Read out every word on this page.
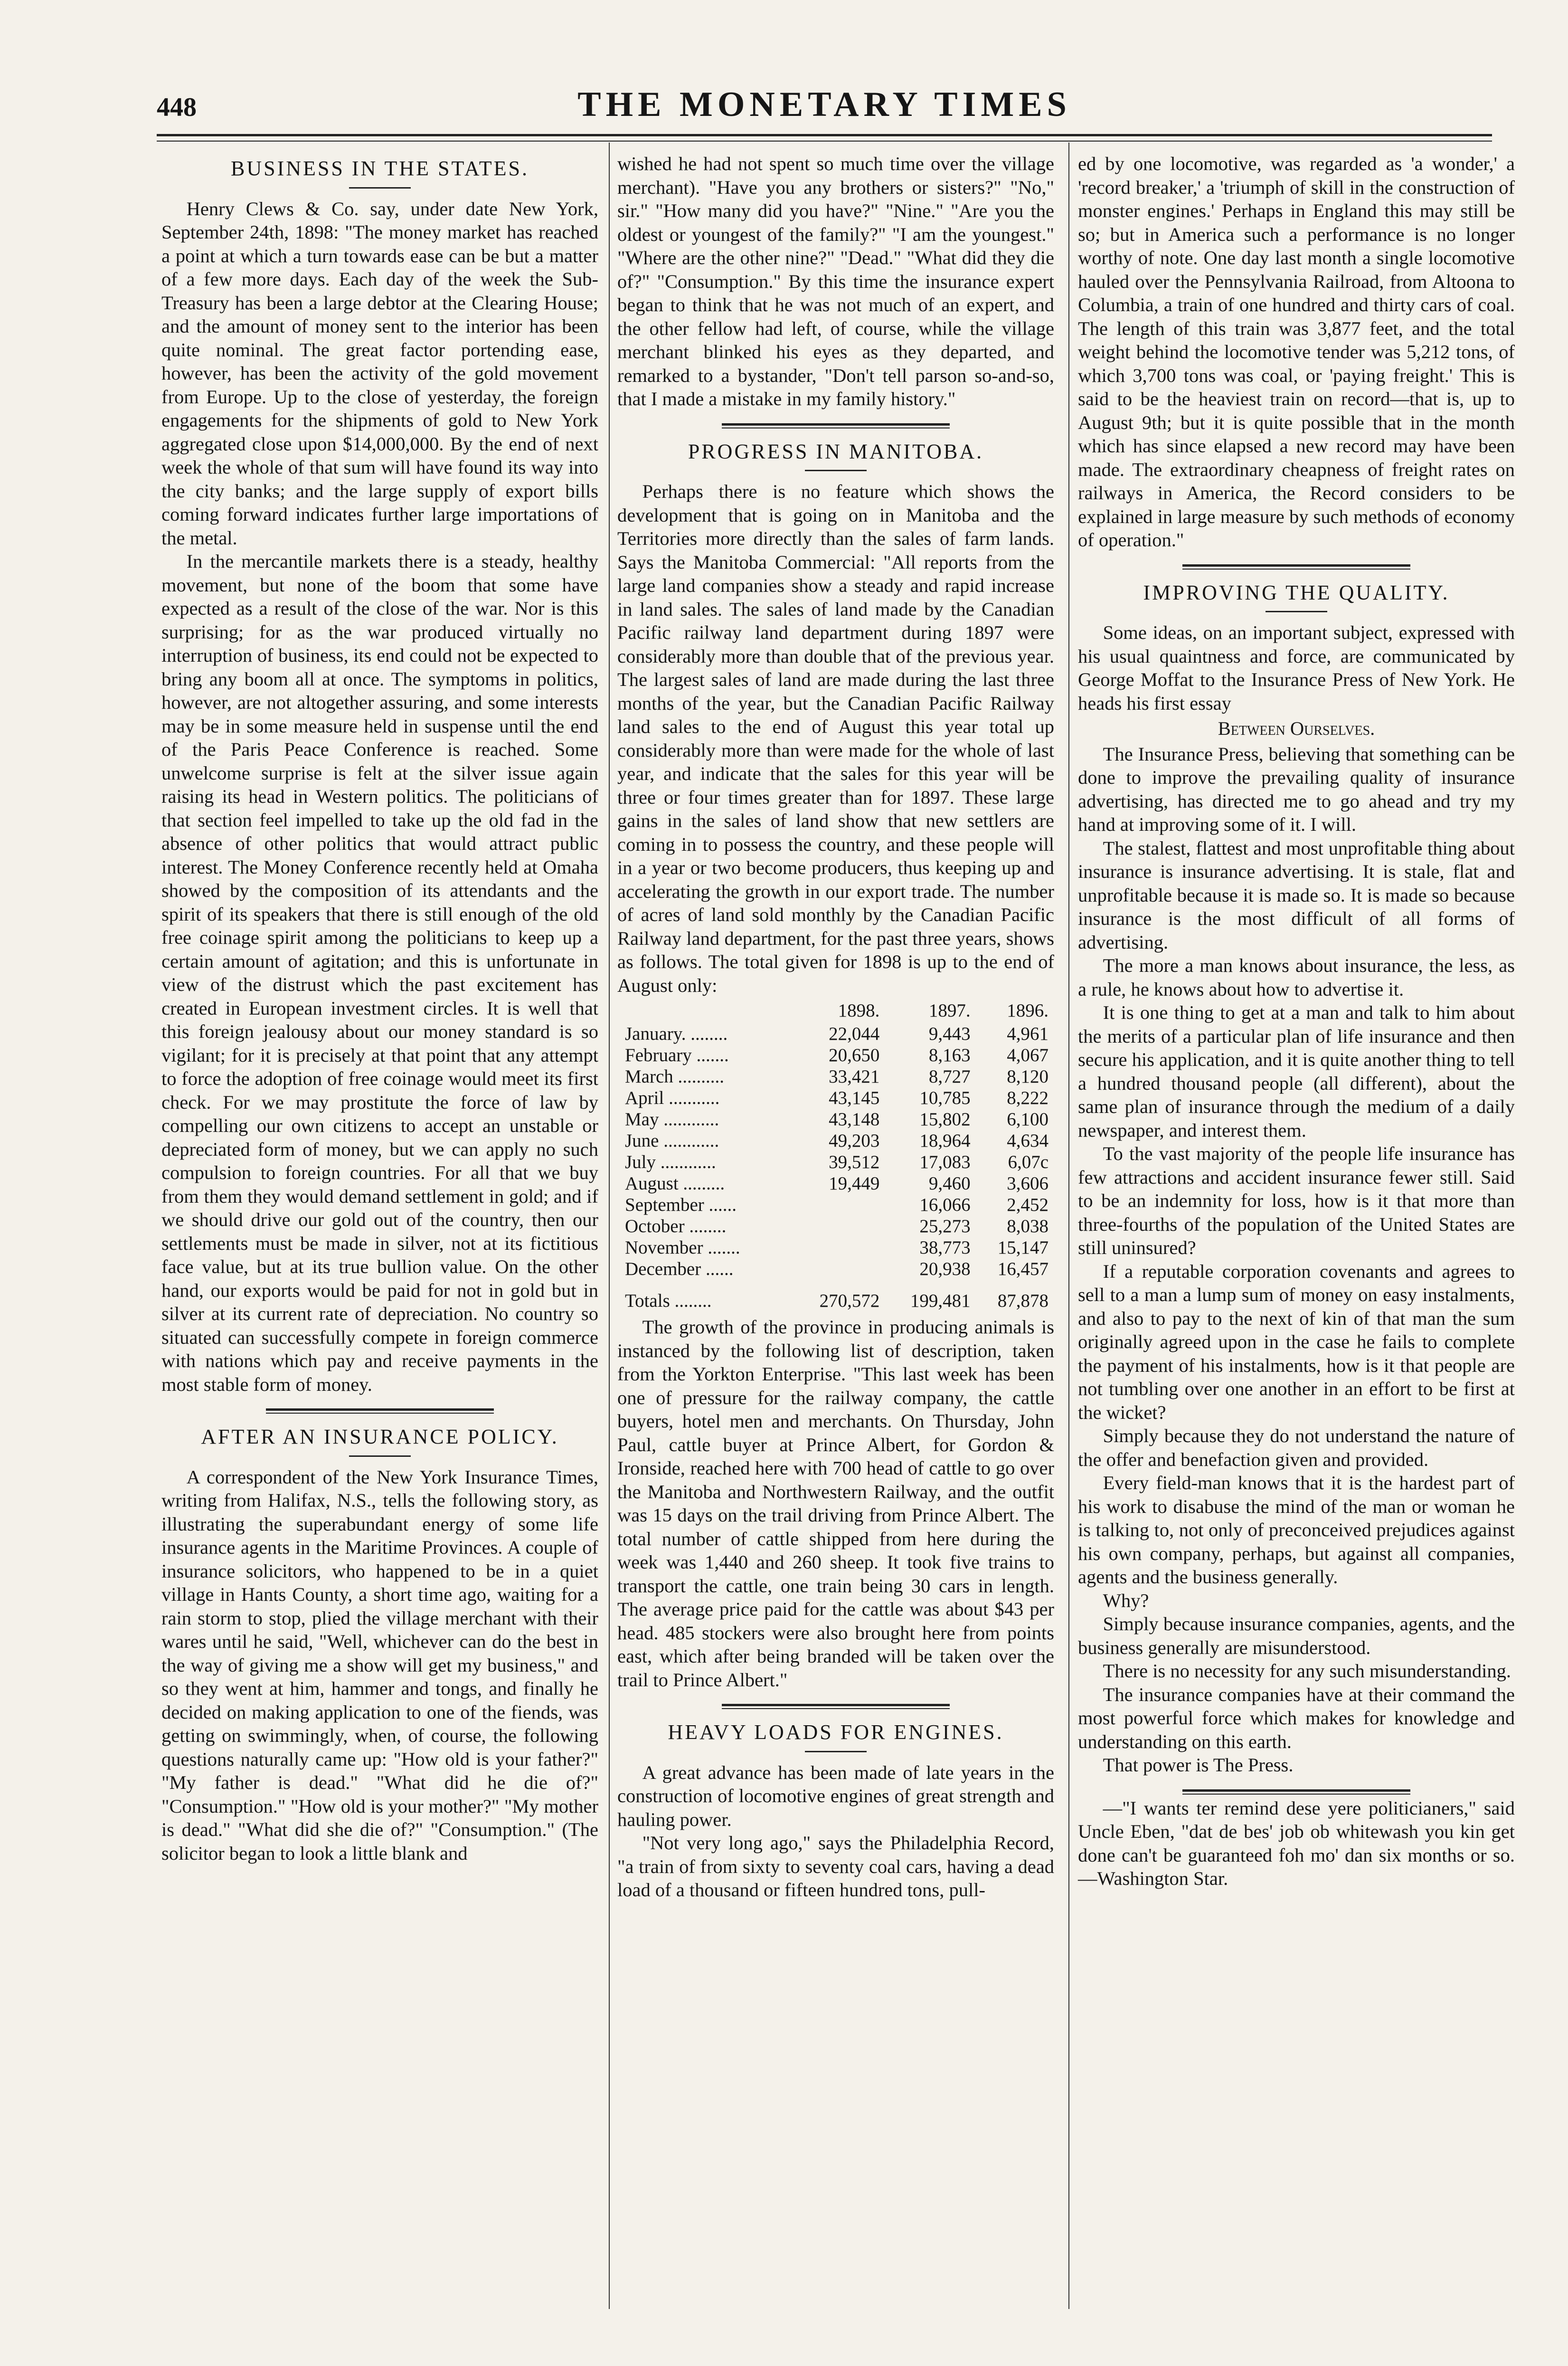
448	THE MONETARY TIMES
BUSINESS IN THE STATES.

Henry Clews & Co. say, under date New York, September 24th, 1898: "The money market has reached a point at which a turn towards ease can be but a matter of a few more days. Each day of the week the Sub-Treasury has been a large debtor at the Clearing House; and the amount of money sent to the interior has been quite nominal. The great factor portending ease, however, has been the activity of the gold movement from Europe. Up to the close of yesterday, the foreign engagements for the shipments of gold to New York aggregated close upon $14,000,000. By the end of next week the whole of that sum will have found its way into the city banks; and the large supply of export bills coming forward indicates further large importations of the metal.

In the mercantile markets there is a steady, healthy movement, but none of the boom that some have expected as a result of the close of the war. Nor is this surprising; for as the war produced virtually no interruption of business, its end could not be expected to bring any boom all at once. The symptoms in politics, however, are not altogether assuring, and some interests may be in some measure held in suspense until the end of the Paris Peace Conference is reached. Some unwelcome surprise is felt at the silver issue again raising its head in Western politics. The politicians of that section feel impelled to take up the old fad in the absence of other politics that would attract public interest. The Money Conference recently held at Omaha showed by the composition of its attendants and the spirit of its speakers that there is still enough of the old free coinage spirit among the politicians to keep up a certain amount of agitation; and this is unfortunate in view of the distrust which the past excitement has created in European investment circles. It is well that this foreign jealousy about our money standard is so vigilant; for it is precisely at that point that any attempt to force the adoption of free coinage would meet its first check. For we may prostitute the force of law by compelling our own citizens to accept an unstable or depreciated form of money, but we can apply no such compulsion to foreign countries. For all that we buy from them they would demand settlement in gold; and if we should drive our gold out of the country, then our settlements must be made in silver, not at its fictitious face value, but at its true bullion value. On the other hand, our exports would be paid for not in gold but in silver at its current rate of depreciation. No country so situated can successfully compete in foreign commerce with nations which pay and receive payments in the most stable form of money.

AFTER AN INSURANCE POLICY.

A correspondent of the New York Insurance Times, writing from Halifax, N.S., tells the following story, as illustrating the superabundant energy of some life insurance agents in the Maritime Provinces. A couple of insurance solicitors, who happened to be in a quiet village in Hants County, a short time ago, waiting for a rain storm to stop, plied the village merchant with their wares until he said, "Well, whichever can do the best in the way of giving me a show will get my business," and so they went at him, hammer and tongs, and finally he decided on making application to one of the fiends, was getting on swimmingly, when, of course, the following questions naturally came up: "How old is your father?" "My father is dead." "What did he die of?" "Consumption." "How old is your mother?" "My mother is dead." "What did she die of?" "Consumption." (The solicitor began to look a little blank and

wished he had not spent so much time over the village merchant). "Have you any brothers or sisters?" "No," sir." "How many did you have?" "Nine." "Are you the oldest or youngest of the family?" "I am the youngest." "Where are the other nine?" "Dead." "What did they die of?" "Consumption." By this time the insurance expert began to think that he was not much of an expert, and the other fellow had left, of course, while the village merchant blinked his eyes as they departed, and remarked to a bystander, "Don't tell parson so-and-so, that I made a mistake in my family history."

PROGRESS IN MANITOBA.

Perhaps there is no feature which shows the development that is going on in Manitoba and the Territories more directly than the sales of farm lands. Says the Manitoba Commercial: "All reports from the large land companies show a steady and rapid increase in land sales. The sales of land made by the Canadian Pacific railway land department during 1897 were considerably more than double that of the previous year. The largest sales of land are made during the last three months of the year, but the Canadian Pacific Railway land sales to the end of August this year total up considerably more than were made for the whole of last year, and indicate that the sales for this year will be three or four times greater than for 1897. These large gains in the sales of land show that new settlers are coming in to possess the country, and these people will in a year or two become producers, thus keeping up and accelerating the growth in our export trade. The number of acres of land sold monthly by the Canadian Pacific Railway land department, for the past three years, shows as follows. The total given for 1898 is up to the end of August only:

	1898.	1897.	1896.
January. ........	22,044	9,443	4,961
February .......	20,650	8,163	4,067
March ..........	33,421	8,727	8,120
April ...........	43,145	10,785	8,222
May ............	43,148	15,802	6,100
June ............	49,203	18,964	4,634
July ............	39,512	17,083	6,07c
August .........	19,449	9,460	3,606
September ......		16,066	2,452
October ........		25,273	8,038
November .......		38,773	15,147
December ......		20,938	16,457
Totals ........	270,572	199,481	87,878

The growth of the province in producing animals is instanced by the following list of description, taken from the Yorkton Enterprise. "This last week has been one of pressure for the railway company, the cattle buyers, hotel men and merchants. On Thursday, John Paul, cattle buyer at Prince Albert, for Gordon & Ironside, reached here with 700 head of cattle to go over the Manitoba and Northwestern Railway, and the outfit was 15 days on the trail driving from Prince Albert. The total number of cattle shipped from here during the week was 1,440 and 260 sheep. It took five trains to transport the cattle, one train being 30 cars in length. The average price paid for the cattle was about $43 per head. 485 stockers were also brought here from points east, which after being branded will be taken over the trail to Prince Albert."

HEAVY LOADS FOR ENGINES.

A great advance has been made of late years in the construction of locomotive engines of great strength and hauling power.

"Not very long ago," says the Philadelphia Record, "a train of from sixty to seventy coal cars, having a dead load of a thousand or fifteen hundred tons, pull-

ed by one locomotive, was regarded as 'a wonder,' a 'record breaker,' a 'triumph of skill in the construction of monster engines.' Perhaps in England this may still be so; but in America such a performance is no longer worthy of note. One day last month a single locomotive hauled over the Pennsylvania Railroad, from Altoona to Columbia, a train of one hundred and thirty cars of coal. The length of this train was 3,877 feet, and the total weight behind the locomotive tender was 5,212 tons, of which 3,700 tons was coal, or 'paying freight.' This is said to be the heaviest train on record—that is, up to August 9th; but it is quite possible that in the month which has since elapsed a new record may have been made. The extraordinary cheapness of freight rates on railways in America, the Record considers to be explained in large measure by such methods of economy of operation."

IMPROVING THE QUALITY.

Some ideas, on an important subject, expressed with his usual quaintness and force, are communicated by George Moffat to the Insurance Press of New York. He heads his first essay

Between Ourselves.

The Insurance Press, believing that something can be done to improve the prevailing quality of insurance advertising, has directed me to go ahead and try my hand at improving some of it. I will.

The stalest, flattest and most unprofitable thing about insurance is insurance advertising. It is stale, flat and unprofitable because it is made so. It is made so because insurance is the most difficult of all forms of advertising.

The more a man knows about insurance, the less, as a rule, he knows about how to advertise it.

It is one thing to get at a man and talk to him about the merits of a particular plan of life insurance and then secure his application, and it is quite another thing to tell a hundred thousand people (all different), about the same plan of insurance through the medium of a daily newspaper, and interest them.

To the vast majority of the people life insurance has few attractions and accident insurance fewer still. Said to be an indemnity for loss, how is it that more than three-fourths of the population of the United States are still uninsured?

If a reputable corporation covenants and agrees to sell to a man a lump sum of money on easy instalments, and also to pay to the next of kin of that man the sum originally agreed upon in the case he fails to complete the payment of his instalments, how is it that people are not tumbling over one another in an effort to be first at the wicket?

Simply because they do not understand the nature of the offer and benefaction given and provided.

Every field-man knows that it is the hardest part of his work to disabuse the mind of the man or woman he is talking to, not only of preconceived prejudices against his own company, perhaps, but against all companies, agents and the business generally.

Why?

Simply because insurance companies, agents, and the business generally are misunderstood.

There is no necessity for any such misunderstanding.

The insurance companies have at their command the most powerful force which makes for knowledge and understanding on this earth.

That power is The Press.

—"I wants ter remind dese yere politicianers," said Uncle Eben, "dat de bes' job ob whitewash you kin get done can't be guaranteed foh mo' dan six months or so.—Washington Star.
